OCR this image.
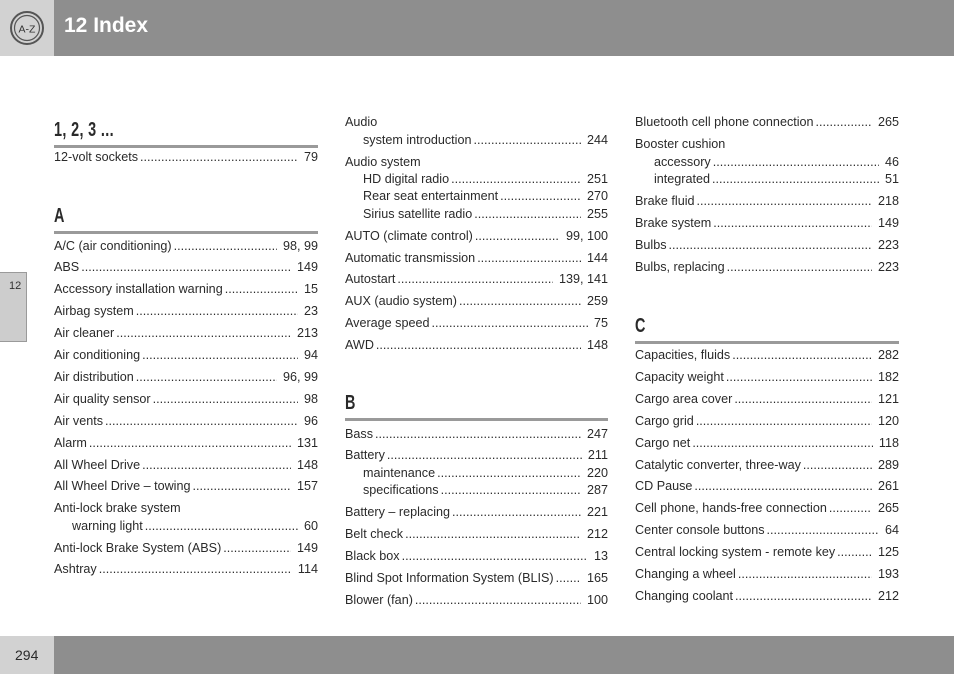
A-Z 12 Index
12
1, 2, 3 ...
12-volt sockets .....	79
A
A/C (air conditioning) .....	98, 99
ABS .....	149
Accessory installation warning .....	15
Airbag system .....	23
Air cleaner .....	213
Air conditioning .....	94
Air distribution .....	96, 99
Air quality sensor .....	98
Air vents .....	96
Alarm .....	131
All Wheel Drive .....	148
All Wheel Drive – towing .....	157
Anti-lock brake system
warning light .....	60
Anti-lock Brake System (ABS) .....	149
Ashtray .....	114
Audio
system introduction .....	244
Audio system
HD digital radio .....	251
Rear seat entertainment .....	270
Sirius satellite radio .....	255
AUTO (climate control) .....	99, 100
Automatic transmission .....	144
Autostart .....	139, 141
AUX (audio system) .....	259
Average speed .....	75
AWD .....	148
B
Bass .....	247
Battery .....	211
maintenance .....	220
specifications .....	287
Battery – replacing .....	221
Belt check .....	212
Black box .....	13
Blind Spot Information System (BLIS) .....	165
Blower (fan) .....	100
Bluetooth cell phone connection .....	265
Booster cushion
accessory .....	46
integrated .....	51
Brake fluid .....	218
Brake system .....	149
Bulbs .....	223
Bulbs, replacing .....	223
C
Capacities, fluids .....	282
Capacity weight .....	182
Cargo area cover .....	121
Cargo grid .....	120
Cargo net .....	118
Catalytic converter, three-way .....	289
CD Pause .....	261
Cell phone, hands-free connection .....	265
Center console buttons .....	64
Central locking system - remote key .....	125
Changing a wheel .....	193
Changing coolant .....	212
294
